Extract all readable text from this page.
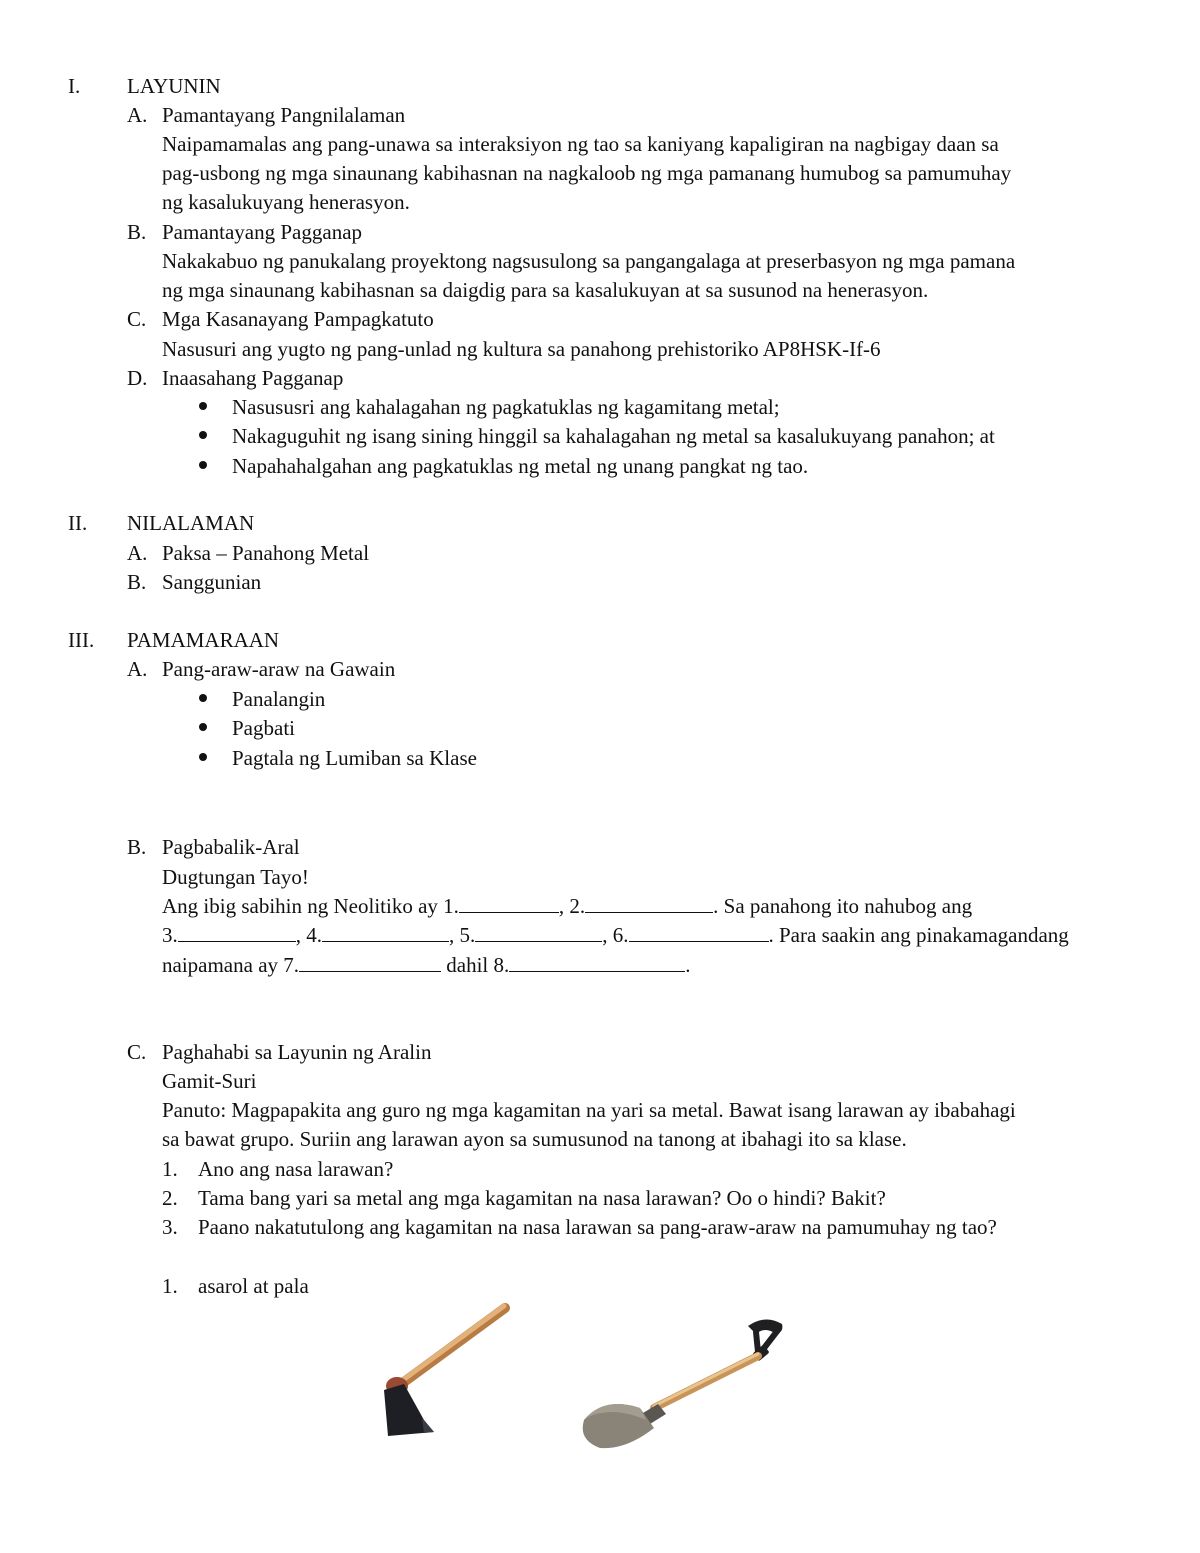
I. LAYUNIN
A. Pamantayang Pangnilalaman
Naipamamalas ang pang-unawa sa interaksiyon ng tao sa kaniyang kapaligiran na nagbigay daan sa
pag-usbong ng mga sinaunang kabihasnan na nagkaloob ng mga pamanang humubog sa pamumuhay
ng kasalukuyang henerasyon.
B. Pamantayang Pagganap
Nakakabuo ng panukalang proyektong nagsusulong sa pangangalaga at preserbasyon ng mga pamana
ng mga sinaunang kabihasnan sa daigdig para sa kasalukuyan at sa susunod na henerasyon.
C. Mga Kasanayang Pampagkatuto
Nasusuri ang yugto ng pang-unlad ng kultura sa panahong prehistoriko AP8HSK-If-6
D. Inaasahang Pagganap
Nasususri ang kahalagahan ng pagkatuklas ng kagamitang metal;
Nakaguguhit ng isang sining hinggil sa kahalagahan ng metal sa kasalukuyang panahon; at
Napahahalgahan ang pagkatuklas ng metal ng unang pangkat ng tao.
II. NILALAMAN
A. Paksa – Panahong Metal
B. Sanggunian
III. PAMAMARAAN
A. Pang-araw-araw na Gawain
Panalangin
Pagbati
Pagtala ng Lumiban sa Klase
B. Pagbabalik-Aral
Dugtungan Tayo!
Ang ibig sabihin ng Neolitiko ay 1.	, 2.	. Sa panahong ito nahubog ang
3.	, 4.	, 5.	, 6.	. Para saakin ang pinakamagandang
naipamana ay 7.	dahil 8.	.
C. Paghahabi sa Layunin ng Aralin
Gamit-Suri
Panuto: Magpapakita ang guro ng mga kagamitan na yari sa metal. Bawat isang larawan ay ibabahagi
sa bawat grupo. Suriin ang larawan ayon sa sumusunod na tanong at ibahagi ito sa klase.
1. Ano ang nasa larawan?
2. Tama bang yari sa metal ang mga kagamitan na nasa larawan? Oo o hindi? Bakit?
3. Paano nakatutulong ang kagamitan na nasa larawan sa pang-araw-araw na pamumuhay ng tao?
1. asarol at pala
